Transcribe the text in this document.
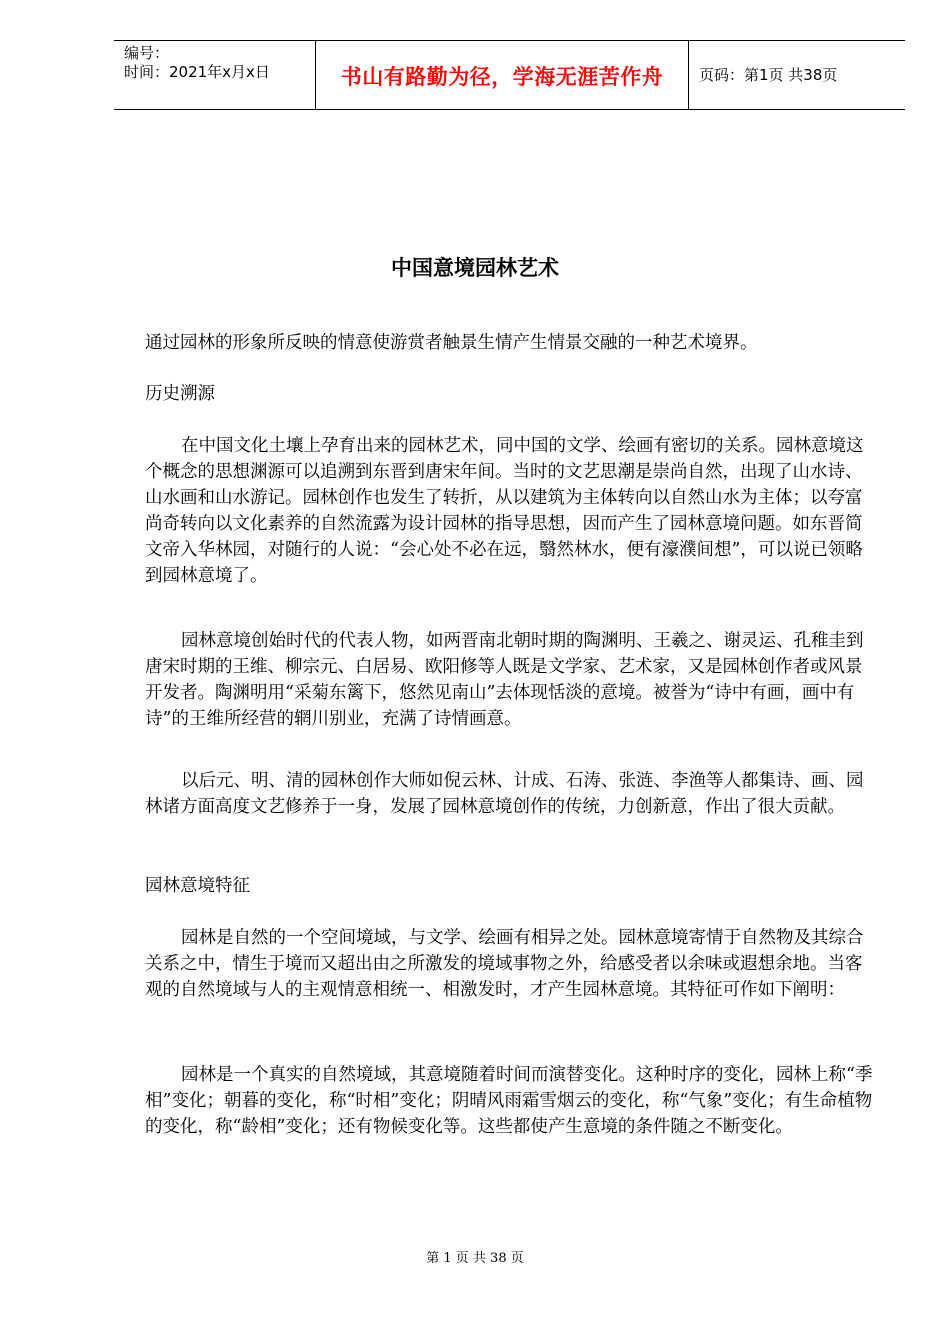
编号：
时间：2021年x月x日	书山有路勤为径，学海无涯苦作舟	页码：第1页 共38页
中国意境园林艺术

通过园林的形象所反映的情意使游赏者触景生情产生情景交融的一种艺术境界。

历史溯源

在中国文化土壤上孕育出来的园林艺术，同中国的文学、绘画有密切的关系。园林意境这个概念的思想渊源可以追溯到东晋到唐宋年间。当时的文艺思潮是崇尚自然，出现了山水诗、山水画和山水游记。园林创作也发生了转折，从以建筑为主体转向以自然山水为主体；以夸富尚奇转向以文化素养的自然流露为设计园林的指导思想，因而产生了园林意境问题。如东晋简文帝入华林园，对随行的人说：“会心处不必在远，翳然林水，便有濠濮间想”，可以说已领略到园林意境了。

园林意境创始时代的代表人物，如两晋南北朝时期的陶渊明、王羲之、谢灵运、孔稚圭到唐宋时期的王维、柳宗元、白居易、欧阳修等人既是文学家、艺术家，又是园林创作者或风景开发者。陶渊明用“采菊东篱下，悠然见南山”去体现恬淡的意境。被誉为“诗中有画，画中有诗”的王维所经营的辋川别业，充满了诗情画意。

以后元、明、清的园林创作大师如倪云林、计成、石涛、张涟、李渔等人都集诗、画、园林诸方面高度文艺修养于一身，发展了园林意境创作的传统，力创新意，作出了很大贡献。

园林意境特征

园林是自然的一个空间境域，与文学、绘画有相异之处。园林意境寄情于自然物及其综合关系之中，情生于境而又超出由之所激发的境域事物之外，给感受者以余味或遐想余地。当客观的自然境域与人的主观情意相统一、相激发时，才产生园林意境。其特征可作如下阐明：

园林是一个真实的自然境域，其意境随着时间而演替变化。这种时序的变化，园林上称“季相”变化；朝暮的变化，称“时相”变化；阴晴风雨霜雪烟云的变化，称“气象”变化；有生命植物的变化，称“龄相”变化；还有物候变化等。这些都使产生意境的条件随之不断变化。

第 1 页 共 38 页
